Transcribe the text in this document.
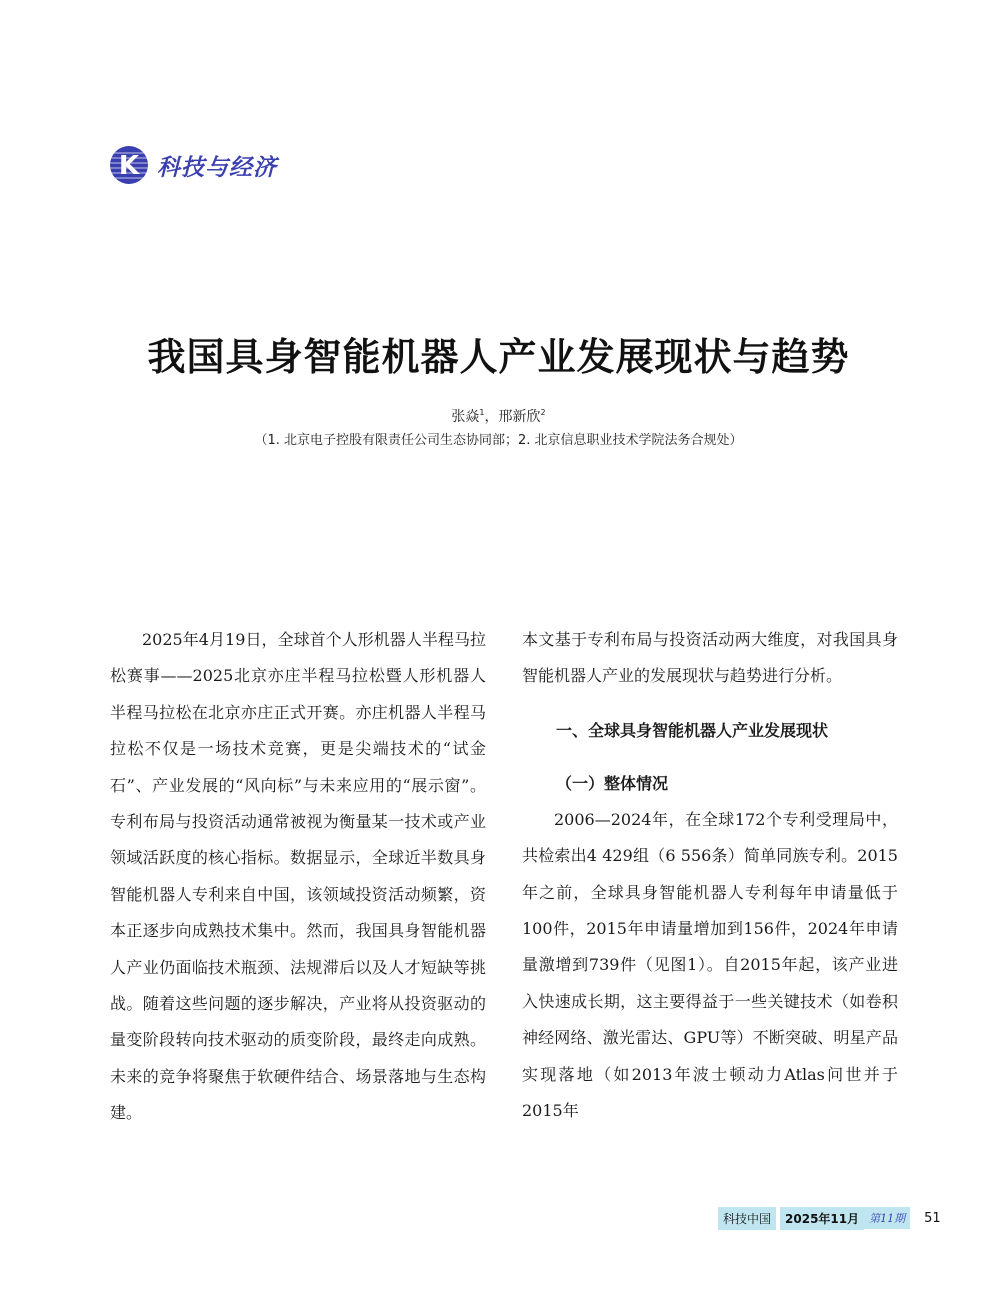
K 科技与经济
我国具身智能机器人产业发展现状与趋势
张焱$^1$，邢新欣$^2$
（1. 北京电子控股有限责任公司生态协同部；2. 北京信息职业技术学院法务合规处）

2025年4月19日，全球首个人形机器人半程马拉松赛事——2025北京亦庄半程马拉松暨人形机器人半程马拉松在北京亦庄正式开赛。亦庄机器人半程马拉松不仅是一场技术竞赛，更是尖端技术的“试金石”、产业发展的“风向标”与未来应用的“展示窗”。专利布局与投资活动通常被视为衡量某一技术或产业领域活跃度的核心指标。数据显示，全球近半数具身智能机器人专利来自中国，该领域投资活动频繁，资本正逐步向成熟技术集中。然而，我国具身智能机器人产业仍面临技术瓶颈、法规滞后以及人才短缺等挑战。随着这些问题的逐步解决，产业将从投资驱动的量变阶段转向技术驱动的质变阶段，最终走向成熟。未来的竞争将聚焦于软硬件结合、场景落地与生态构建。

本文基于专利布局与投资活动两大维度，对我国具身智能机器人产业的发展现状与趋势进行分析。

一、全球具身智能机器人产业发展现状
（一）整体情况

2006—2024年，在全球172个专利受理局中，共检索出4 429组（6 556条）简单同族专利。2015年之前，全球具身智能机器人专利每年申请量低于100件，2015年申请量增加到156件，2024年申请量激增到739件（见图1）。自2015年起，该产业进入快速成长期，这主要得益于一些关键技术（如卷积神经网络、激光雷达、GPU等）不断突破、明星产品实现落地（如2013年波士顿动力Atlas问世并于2015年

科技中国	2025年11月 第11期	51
